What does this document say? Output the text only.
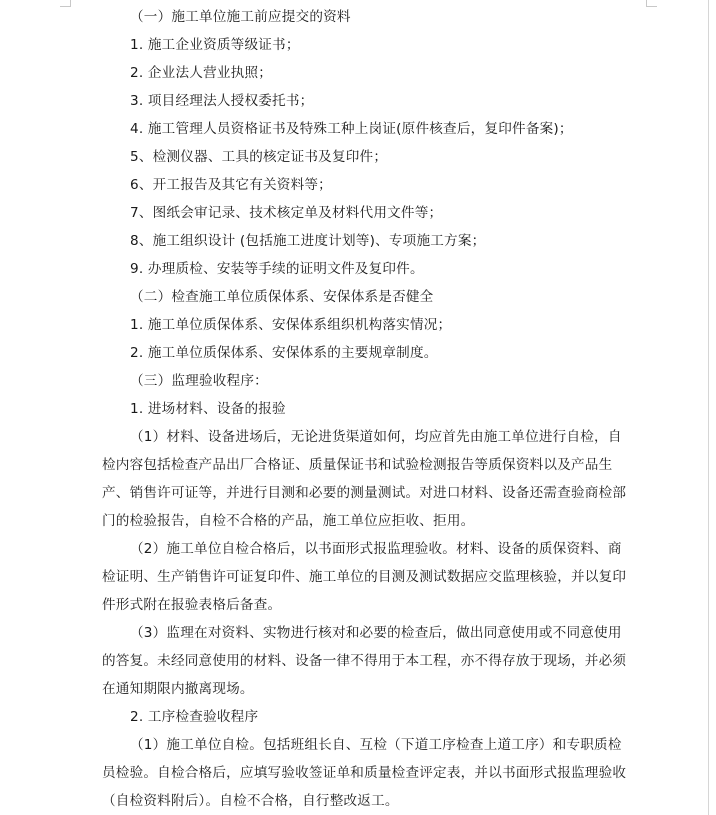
（一）施工单位施工前应提交的资料
1. 施工企业资质等级证书；
2. 企业法人营业执照；
3. 项目经理法人授权委托书；
4. 施工管理人员资格证书及特殊工种上岗证(原件核查后，复印件备案)；
5、检测仪器、工具的核定证书及复印件；
6、开工报告及其它有关资料等；
7、图纸会审记录、技术核定单及材料代用文件等；
8、施工组织设计 (包括施工进度计划等)、专项施工方案；
9. 办理质检、安装等手续的证明文件及复印件。
（二）检查施工单位质保体系、安保体系是否健全
1. 施工单位质保体系、安保体系组织机构落实情况；
2. 施工单位质保体系、安保体系的主要规章制度。
（三）监理验收程序：
1. 进场材料、设备的报验
（1）材料、设备进场后，无论进货渠道如何，均应首先由施工单位进行自检，自
检内容包括检查产品出厂合格证、质量保证书和试验检测报告等质保资料以及产品生
产、销售许可证等，并进行目测和必要的测量测试。对进口材料、设备还需查验商检部
门的检验报告，自检不合格的产品，施工单位应拒收、拒用。
（2）施工单位自检合格后，以书面形式报监理验收。材料、设备的质保资料、商
检证明、生产销售许可证复印件、施工单位的目测及测试数据应交监理核验，并以复印
件形式附在报验表格后备查。
（3）监理在对资料、实物进行核对和必要的检查后，做出同意使用或不同意使用
的答复。未经同意使用的材料、设备一律不得用于本工程，亦不得存放于现场，并必须
在通知期限内撤离现场。
2. 工序检查验收程序
（1）施工单位自检。包括班组长自、互检（下道工序检查上道工序）和专职质检
员检验。自检合格后，应填写验收签证单和质量检查评定表，并以书面形式报监理验收
（自检资料附后）。自检不合格，自行整改返工。
